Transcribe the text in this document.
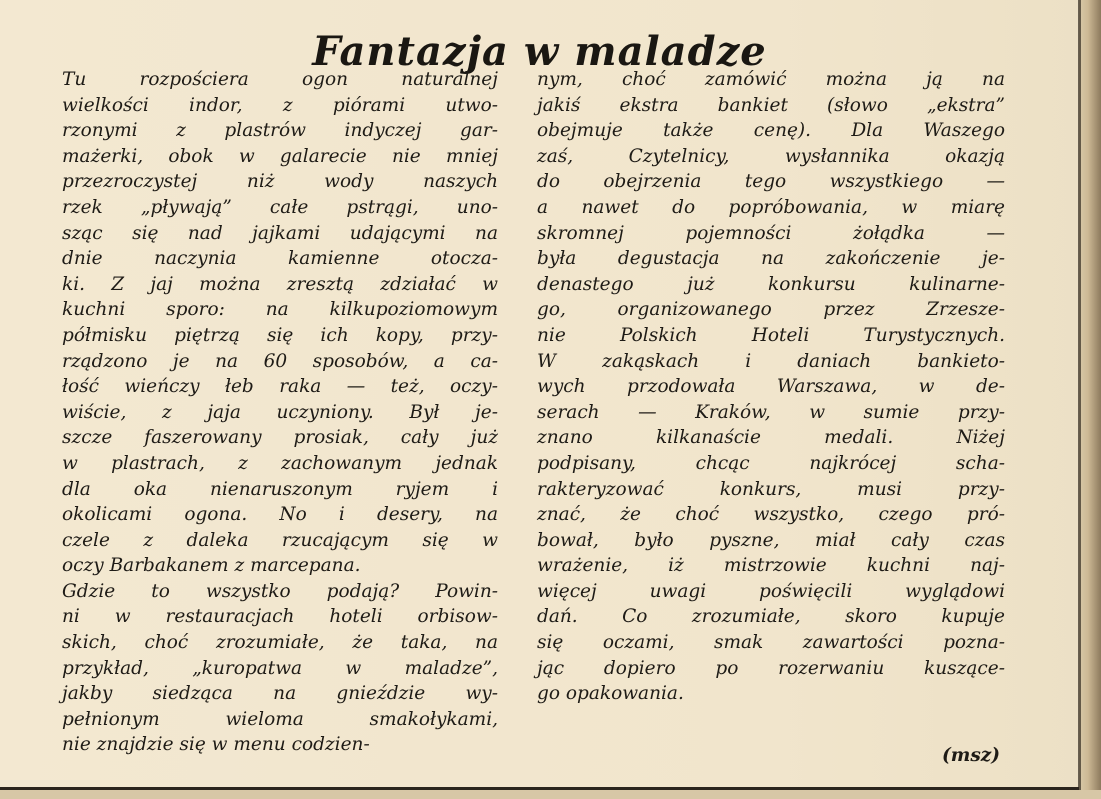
Fantazja w maladze
Tu rozpościera ogon naturalnej
wielkości indor, z piórami utwo-
rzonymi z plastrów indyczej gar-
mażerki, obok w galarecie nie mniej
przezroczystej niż wody naszych
rzek „pływają” całe pstrągi, uno-
sząc się nad jajkami udającymi na
dnie naczynia kamienne otocza-
ki. Z jaj można zresztą zdziałać w
kuchni sporo: na kilkupoziomowym
półmisku piętrzą się ich kopy, przy-
rządzono je na 60 sposobów, a ca-
łość wieńczy łeb raka — też, oczy-
wiście, z jaja uczyniony. Był je-
szcze faszerowany prosiak, cały już
w plastrach, z zachowanym jednak
dla oka nienaruszonym ryjem i
okolicami ogona. No i desery, na
czele z daleka rzucającym się w
oczy Barbakanem z marcepana.
Gdzie to wszystko podają? Powin-
ni w restauracjach hoteli orbisow-
skich, choć zrozumiałe, że taka, na
przykład, „kuropatwa w maladze”,
jakby siedząca na gnieździe wy-
pełnionym wieloma smakołykami,
nie znajdzie się w menu codzien-
nym, choć zamówić można ją na
jakiś ekstra bankiet (słowo „ekstra”
obejmuje także cenę). Dla Waszego
zaś, Czytelnicy, wysłannika okazją
do obejrzenia tego wszystkiego —
a nawet do popróbowania, w miarę
skromnej pojemności żołądka —
była degustacja na zakończenie je-
denastego już konkursu kulinarne-
go, organizowanego przez Zrzesze-
nie Polskich Hoteli Turystycznych.
W zakąskach i daniach bankieto-
wych przodowała Warszawa, w de-
serach — Kraków, w sumie przy-
znano kilkanaście medali. Niżej
podpisany, chcąc najkrócej scha-
rakteryzować konkurs, musi przy-
znać, że choć wszystko, czego pró-
bował, było pyszne, miał cały czas
wrażenie, iż mistrzowie kuchni naj-
więcej uwagi poświęcili wyglądowi
dań. Co zrozumiałe, skoro kupuje
się oczami, smak zawartości pozna-
jąc dopiero po rozerwaniu kuszące-
go opakowania.
(msz)
